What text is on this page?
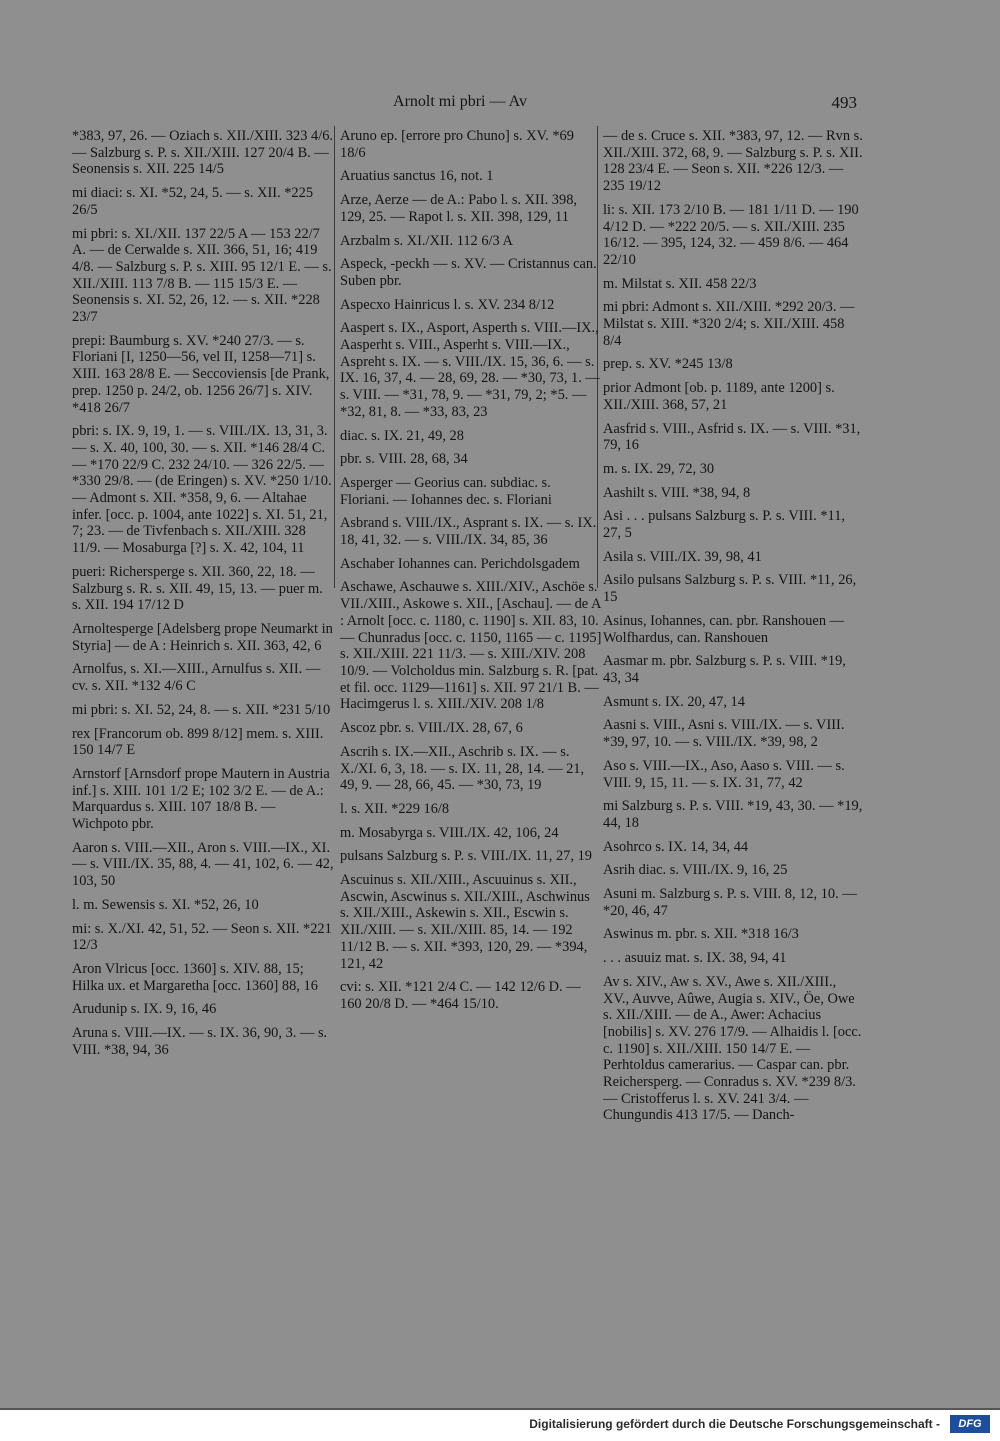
Arnolt mi pbri — Av	493

*383, 97, 26. — Oziach s. XII./XIII. 323 4/6. — Salzburg s. P. s. XII./XIII. 127 20/4 B. — Seonensis s. XII. 225 14/5

mi diaci: s. XI. *52, 24, 5. — s. XII. *225 26/5

mi pbri: s. XI./XII. 137 22/5 A — 153 22/7 A. — de Cerwalde s. XII. 366, 51, 16; 419 4/8. — Salzburg s. P. s. XIII. 95 12/1 E. — s. XII./XIII. 113 7/8 B. — 115 15/3 E. — Seonensis s. XI. 52, 26, 12. — s. XII. *228 23/7

prepi: Baumburg s. XV. *240 27/3. — s. Floriani [I, 1250—56, vel II, 1258—71] s. XIII. 163 28/8 E. — Seccoviensis [de Prank, prep. 1250 p. 24/2, ob. 1256 26/7] s. XIV. *418 26/7

pbri: s. IX. 9, 19, 1. — s. VIII./IX. 13, 31, 3. — s. X. 40, 100, 30. — s. XII. *146 28/4 C. — *170 22/9 C. 232 24/10. — 326 22/5. — *330 29/8. — (de Eringen) s. XV. *250 1/10. — Admont s. XII. *358, 9, 6. — Altahae infer. [occ. p. 1004, ante 1022] s. XI. 51, 21, 7; 23. — de Tivfenbach s. XII./XIII. 328 11/9. — Mosaburga [?] s. X. 42, 104, 11

pueri: Richersperge s. XII. 360, 22, 18. — Salzburg s. R. s. XII. 49, 15, 13. — puer m. s. XII. 194 17/12 D

Arnoltesperge [Adelsberg prope Neumarkt in Styria] — de A : Heinrich s. XII. 363, 42, 6

Arnolfus, s. XI.—XIII., Arnulfus s. XII. — cv. s. XII. *132 4/6 C

mi pbri: s. XI. 52, 24, 8. — s. XII. *231 5/10

rex [Francorum ob. 899 8/12] mem. s. XIII. 150 14/7 E

Arnstorf [Arnsdorf prope Mautern in Austria inf.] s. XIII. 101 1/2 E; 102 3/2 E. — de A.: Marquardus s. XIII. 107 18/8 B. — Wichpoto pbr.

Aaron s. VIII.—XII., Aron s. VIII.—IX., XI. — s. VIII./IX. 35, 88, 4. — 41, 102, 6. — 42, 103, 50

l. m. Sewensis s. XI. *52, 26, 10

mi: s. X./XI. 42, 51, 52. — Seon s. XII. *221 12/3

Aron Vlricus [occ. 1360] s. XIV. 88, 15; Hilka ux. et Margaretha [occ. 1360] 88, 16

Arudunip s. IX. 9, 16, 46

Aruna s. VIII.—IX. — s. IX. 36, 90, 3. — s. VIII. *38, 94, 36

Aruno ep. [errore pro Chuno] s. XV. *69 18/6

Aruatius sanctus 16, not. 1

Arze, Aerze — de A.: Pabo l. s. XII. 398, 129, 25. — Rapot l. s. XII. 398, 129, 11

Arzbalm s. XI./XII. 112 6/3 A

Aspeck, -peckh — s. XV. — Cristannus can. Suben pbr.

Aspecxo Hainricus l. s. XV. 234 8/12

Aaspert s. IX., Asport, Asperth s. VIII.—IX., Aasperht s. VIII., Asperht s. VIII.—IX., Aspreht s. IX. — s. VIII./IX. 15, 36, 6. — s. IX. 16, 37, 4. — 28, 69, 28. — *30, 73, 1. — s. VIII. — *31, 78, 9. — *31, 79, 2; *5. — *32, 81, 8. — *33, 83, 23

diac. s. IX. 21, 49, 28

pbr. s. VIII. 28, 68, 34

Asperger — Georius can. subdiac. s. Floriani. — Iohannes dec. s. Floriani

Asbrand s. VIII./IX., Asprant s. IX. — s. IX. 18, 41, 32. — s. VIII./IX. 34, 85, 36

Aschaber Iohannes can. Perichdolsgadem

Aschawe, Aschauwe s. XIII./XIV., Aschöe s. VII./XIII., Askowe s. XII., [Aschau]. — de A : Arnolt [occ. c. 1180, c. 1190] s. XII. 83, 10. — Chunradus [occ. c. 1150, 1165 — c. 1195] s. XII./XIII. 221 11/3. — s. XIII./XIV. 208 10/9. — Volcholdus min. Salzburg s. R. [pat. et fil. occ. 1129—1161] s. XII. 97 21/1 B. — Hacimgerus l. s. XIII./XIV. 208 1/8

Ascoz pbr. s. VIII./IX. 28, 67, 6

Ascrih s. IX.—XII., Aschrib s. IX. — s. X./XI. 6, 3, 18. — s. IX. 11, 28, 14. — 21, 49, 9. — 28, 66, 45. — *30, 73, 19

l. s. XII. *229 16/8

m. Mosabyrga s. VIII./IX. 42, 106, 24

pulsans Salzburg s. P. s. VIII./IX. 11, 27, 19

Ascuinus s. XII./XIII., Ascuuinus s. XII., Ascwin, Ascwinus s. XII./XIII., Aschwinus s. XII./XIII., Askewin s. XII., Escwin s. XII./XIII. — s. XII./XIII. 85, 14. — 192 11/12 B. — s. XII. *393, 120, 29. — *394, 121, 42

cvi: s. XII. *121 2/4 C. — 142 12/6 D. — 160 20/8 D. — *464 15/10.

— de s. Cruce s. XII. *383, 97, 12. — Rvn s. XII./XIII. 372, 68, 9. — Salzburg s. P. s. XII. 128 23/4 E. — Seon s. XII. *226 12/3. — 235 19/12

li: s. XII. 173 2/10 B. — 181 1/11 D. — 190 4/12 D. — *222 20/5. — s. XII./XIII. 235 16/12. — 395, 124, 32. — 459 8/6. — 464 22/10

m. Milstat s. XII. 458 22/3

mi pbri: Admont s. XII./XIII. *292 20/3. — Milstat s. XIII. *320 2/4; s. XII./XIII. 458 8/4

prep. s. XV. *245 13/8

prior Admont [ob. p. 1189, ante 1200] s. XII./XIII. 368, 57, 21

Aasfrid s. VIII., Asfrid s. IX. — s. VIII. *31, 79, 16

m. s. IX. 29, 72, 30

Aashilt s. VIII. *38, 94, 8

Asi . . . pulsans Salzburg s. P. s. VIII. *11, 27, 5

Asila s. VIII./IX. 39, 98, 41

Asilo pulsans Salzburg s. P. s. VIII. *11, 26, 15

Asinus, Iohannes, can. pbr. Ranshouen — Wolfhardus, can. Ranshouen

Aasmar m. pbr. Salzburg s. P. s. VIII. *19, 43, 34

Asmunt s. IX. 20, 47, 14

Aasni s. VIII., Asni s. VIII./IX. — s. VIII. *39, 97, 10. — s. VIII./IX. *39, 98, 2

Aso s. VIII.—IX., Aso, Aaso s. VIII. — s. VIII. 9, 15, 11. — s. IX. 31, 77, 42

mi Salzburg s. P. s. VIII. *19, 43, 30. — *19, 44, 18

Asohrco s. IX. 14, 34, 44

Asrih diac. s. VIII./IX. 9, 16, 25

Asuni m. Salzburg s. P. s. VIII. 8, 12, 10. — *20, 46, 47

Aswinus m. pbr. s. XII. *318 16/3

. . . asuuiz mat. s. IX. 38, 94, 41

Av s. XIV., Aw s. XV., Awe s. XII./XIII., XV., Auvve, Aûwe, Augia s. XIV., Öe, Owe s. XII./XIII. — de A., Awer: Achacius [nobilis] s. XV. 276 17/9. — Alhaidis l. [occ. c. 1190] s. XII./XIII. 150 14/7 E. — Perhtoldus camerarius. — Caspar can. pbr. Reichersperg. — Conradus s. XV. *239 8/3. — Cristofferus l. s. XV. 241 3/4. — Chungundis 413 17/5. — Danch-

Digitalisierung gefördert durch die Deutsche Forschungsgemeinschaft -	DFG
